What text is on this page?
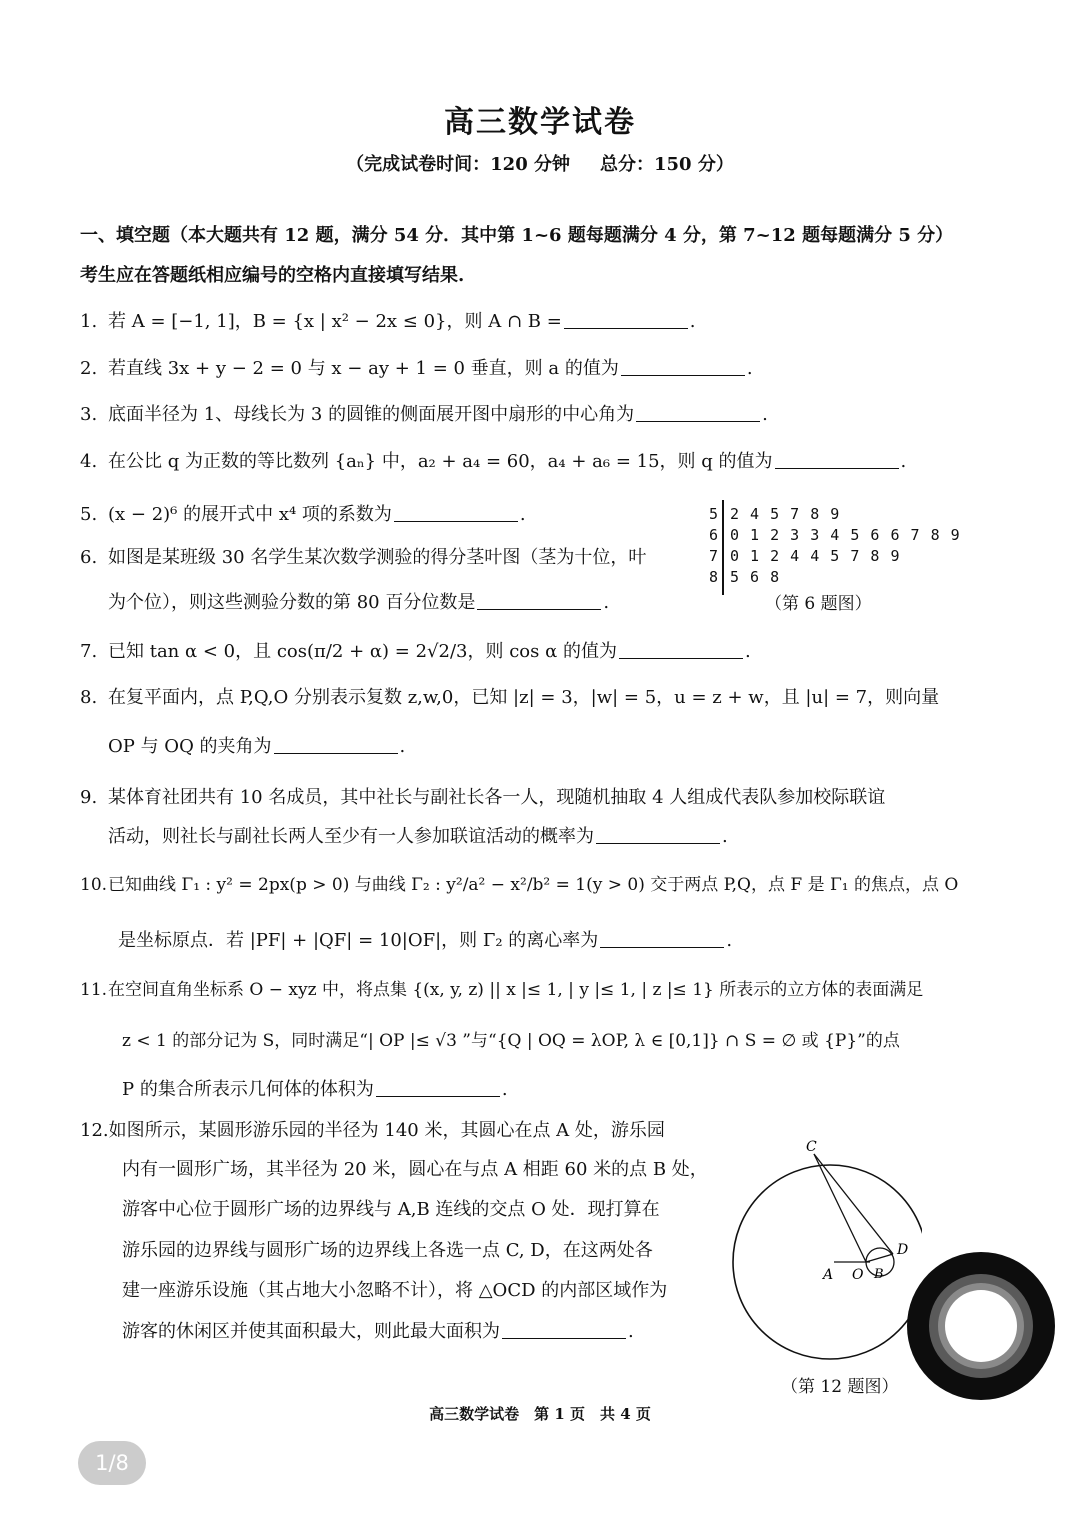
高三数学试卷
（完成试卷时间：120 分钟 总分：150 分）
一、填空题（本大题共有 12 题，满分 54 分．其中第 1~6 题每题满分 4 分，第 7~12 题每题满分 5 分）
考生应在答题纸相应编号的空格内直接填写结果.
1. 若 A = [−1, 1]，B = {x | x² − 2x ≤ 0}，则 A ∩ B =	.
2. 若直线 3x + y − 2 = 0 与 x − ay + 1 = 0 垂直，则 a 的值为	.
3. 底面半径为 1、母线长为 3 的圆锥的侧面展开图中扇形的中心角为	.
4. 在公比 q 为正数的等比数列 {aₙ} 中，a₂ + a₄ = 60，a₄ + a₆ = 15，则 q 的值为	.
5. (x − 2)⁶ 的展开式中 x⁴ 项的系数为	.
6. 如图是某班级 30 名学生某次数学测验的得分茎叶图（茎为十位，叶
为个位），则这些测验分数的第 80 百分位数是	.
5 2 4 5 7 8 9
6 0 1 2 3 3 4 5 6 6 7 8 9
7 0 1 2 4 4 5 7 8 9
8 5 6 8
（第 6 题图）
7. 已知 tan α < 0，且 cos(π/2 + α) = 2√2/3，则 cos α 的值为	.
8. 在复平面内，点 P,Q,O 分别表示复数 z,w,0，已知 |z| = 3，|w| = 5，u = z + w，且 |u| = 7，则向量
OP 与 OQ 的夹角为	.
9. 某体育社团共有 10 名成员，其中社长与副社长各一人，现随机抽取 4 人组成代表队参加校际联谊
活动，则社长与副社长两人至少有一人参加联谊活动的概率为	.
10.已知曲线 Γ₁ : y² = 2px(p > 0) 与曲线 Γ₂ : y²/a² − x²/b² = 1(y > 0) 交于两点 P,Q，点 F 是 Γ₁ 的焦点，点 O
是坐标原点．若 |PF| + |QF| = 10|OF|，则 Γ₂ 的离心率为	.
11.在空间直角坐标系 O − xyz 中，将点集 {(x, y, z) || x |≤ 1, | y |≤ 1, | z |≤ 1} 所表示的立方体的表面满足
z < 1 的部分记为 S，同时满足“| OP |≤ √3 ”与“{Q | OQ = λOP, λ ∈ [0,1]} ∩ S = ∅ 或 {P}”的点
P 的集合所表示几何体的体积为	.
12.如图所示，某圆形游乐园的半径为 140 米，其圆心在点 A 处，游乐园
内有一圆形广场，其半径为 20 米，圆心在与点 A 相距 60 米的点 B 处，
游客中心位于圆形广场的边界线与 A,B 连线的交点 O 处．现打算在
游乐园的边界线与圆形广场的边界线上各选一点 C, D，在这两处各
建一座游乐设施（其占地大小忽略不计），将 △OCD 的内部区域作为
游客的休闲区并使其面积最大，则此最大面积为	.
C
D
A O B
（第 12 题图）
高三数学试卷　第 1 页　共 4 页
1/8
